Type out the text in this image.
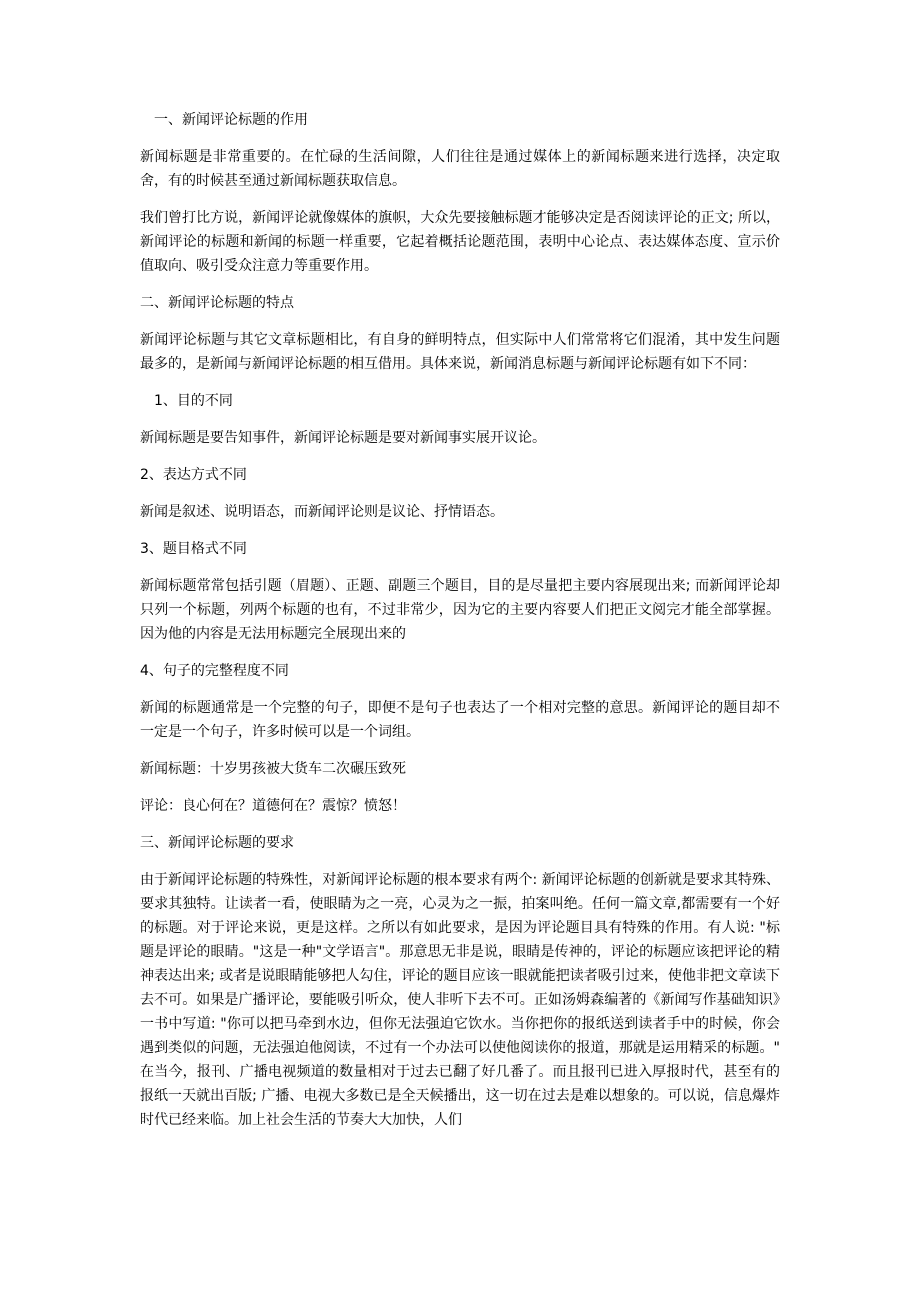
一、新闻评论标题的作用

新闻标题是非常重要的。在忙碌的生活间隙，人们往往是通过媒体上的新闻标题来进行选择，决定取舍，有的时候甚至通过新闻标题获取信息。

我们曾打比方说，新闻评论就像媒体的旗帜，大众先要接触标题才能够决定是否阅读评论的正文; 所以，新闻评论的标题和新闻的标题一样重要，它起着概括论题范围，表明中心论点、表达媒体态度、宣示价值取向、吸引受众注意力等重要作用。

二、新闻评论标题的特点

新闻评论标题与其它文章标题相比，有自身的鲜明特点，但实际中人们常常将它们混淆，其中发生问题最多的，是新闻与新闻评论标题的相互借用。具体来说，新闻消息标题与新闻评论标题有如下不同：

1、目的不同

新闻标题是要告知事件，新闻评论标题是要对新闻事实展开议论。

2、表达方式不同

新闻是叙述、说明语态，而新闻评论则是议论、抒情语态。

3、题目格式不同

新闻标题常常包括引题（眉题）、正题、副题三个题目，目的是尽量把主要内容展现出来; 而新闻评论却只列一个标题，列两个标题的也有，不过非常少，因为它的主要内容要人们把正文阅完才能全部掌握。因为他的内容是无法用标题完全展现出来的

4、句子的完整程度不同

新闻的标题通常是一个完整的句子，即便不是句子也表达了一个相对完整的意思。新闻评论的题目却不一定是一个句子，许多时候可以是一个词组。

新闻标题：十岁男孩被大货车二次碾压致死

评论：良心何在？道德何在？震惊？愤怒！

三、新闻评论标题的要求

由于新闻评论标题的特殊性，对新闻评论标题的根本要求有两个: 新闻评论标题的创新就是要求其特殊、要求其独特。让读者一看，使眼睛为之一亮，心灵为之一振，拍案叫绝。任何一篇文章,都需要有一个好的标题。对于评论来说，更是这样。之所以有如此要求，是因为评论题目具有特殊的作用。有人说: "标题是评论的眼睛。"这是一种"文学语言"。那意思无非是说，眼睛是传神的，评论的标题应该把评论的精神表达出来; 或者是说眼睛能够把人勾住，评论的题目应该一眼就能把读者吸引过来，使他非把文章读下去不可。如果是广播评论，要能吸引听众，使人非听下去不可。正如汤姆森编著的《新闻写作基础知识》一书中写道: "你可以把马牵到水边，但你无法强迫它饮水。当你把你的报纸送到读者手中的时候，你会遇到类似的问题，无法强迫他阅读，不过有一个办法可以使他阅读你的报道，那就是运用精采的标题。" 在当今，报刊、广播电视频道的数量相对于过去已翻了好几番了。而且报刊已进入厚报时代，甚至有的报纸一天就出百版; 广播、电视大多数已是全天候播出，这一切在过去是难以想象的。可以说，信息爆炸时代已经来临。加上社会生活的节奏大大加快，人们
